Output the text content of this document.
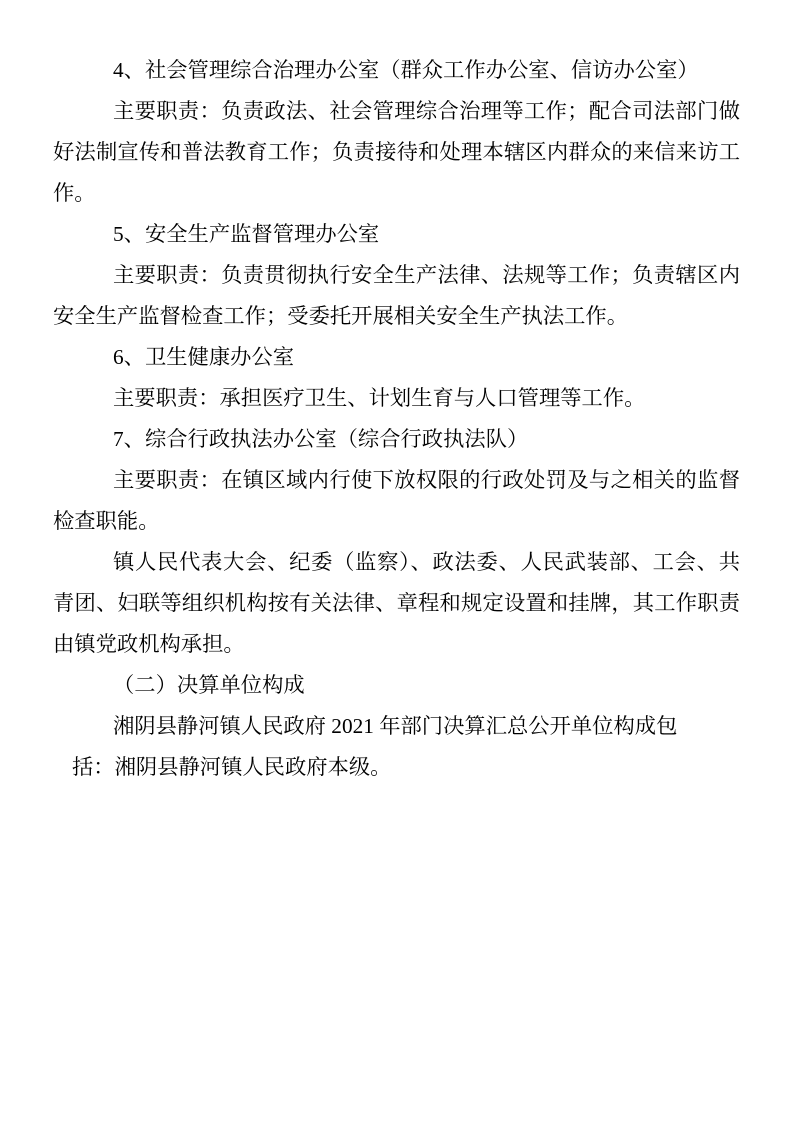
4、社会管理综合治理办公室（群众工作办公室、信访办公室）

主要职责：负责政法、社会管理综合治理等工作；配合司法部门做好法制宣传和普法教育工作；负责接待和处理本辖区内群众的来信来访工作。

5、安全生产监督管理办公室

主要职责：负责贯彻执行安全生产法律、法规等工作；负责辖区内安全生产监督检查工作；受委托开展相关安全生产执法工作。

6、卫生健康办公室

主要职责：承担医疗卫生、计划生育与人口管理等工作。

7、综合行政执法办公室（综合行政执法队）

主要职责：在镇区域内行使下放权限的行政处罚及与之相关的监督检查职能。

镇人民代表大会、纪委（监察）、政法委、人民武装部、工会、共青团、妇联等组织机构按有关法律、章程和规定设置和挂牌，其工作职责由镇党政机构承担。

（二）决算单位构成

湘阴县静河镇人民政府 2021 年部门决算汇总公开单位构成包

括：湘阴县静河镇人民政府本级。
